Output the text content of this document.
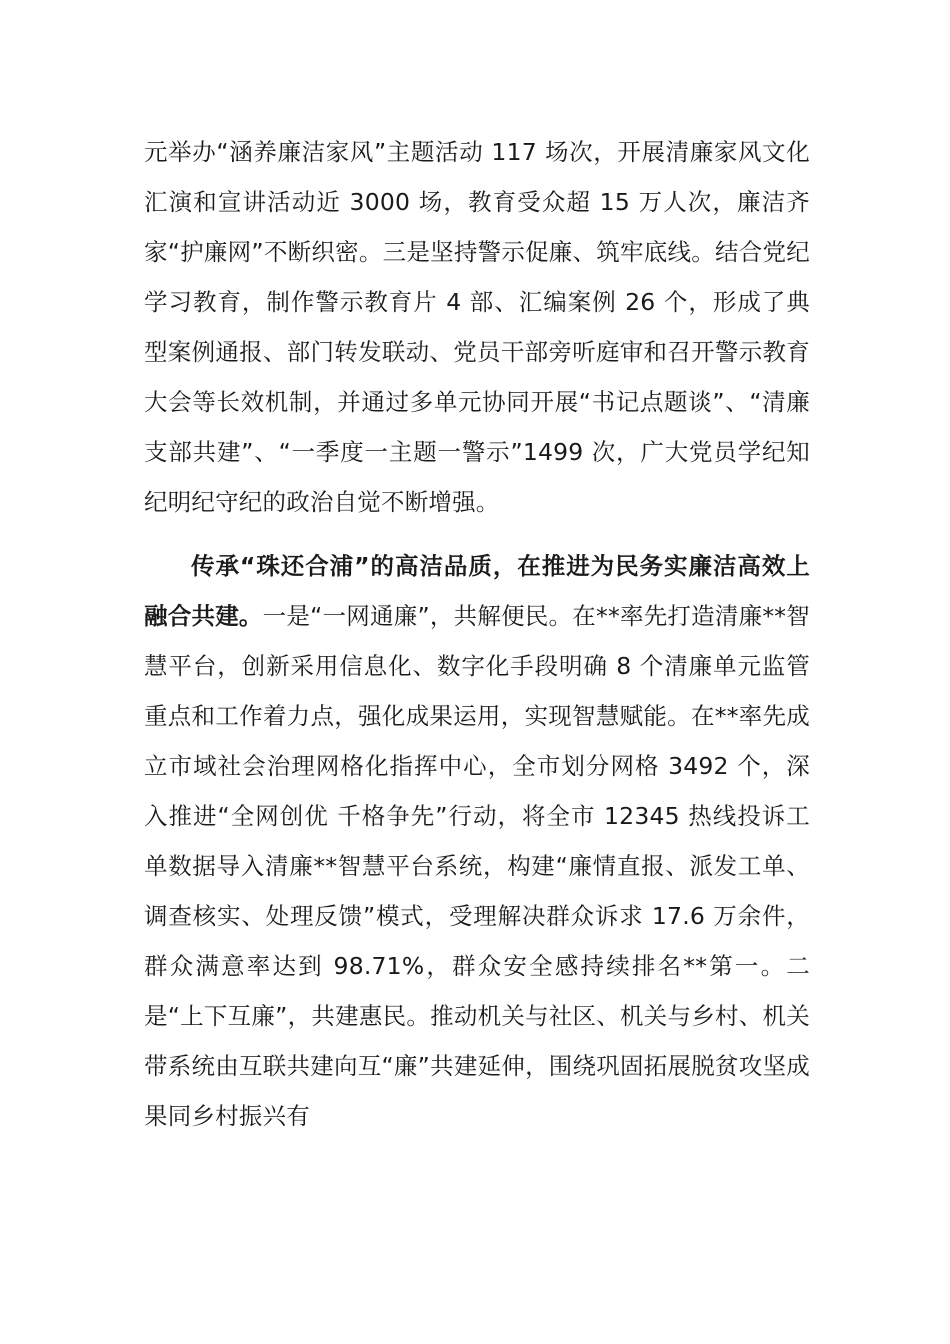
元举办“涵养廉洁家风”主题活动 117 场次，开展清廉家风文化汇演和宣讲活动近 3000 场，教育受众超 15 万人次，廉洁齐家“护廉网”不断织密。三是坚持警示促廉、筑牢底线。结合党纪学习教育，制作警示教育片 4 部、汇编案例 26 个，形成了典型案例通报、部门转发联动、党员干部旁听庭审和召开警示教育大会等长效机制，并通过多单元协同开展“书记点题谈”、“清廉支部共建”、“一季度一主题一警示”1499 次，广大党员学纪知纪明纪守纪的政治自觉不断增强。

传承“珠还合浦”的高洁品质，在推进为民务实廉洁高效上融合共建。一是“一网通廉”，共解便民。在**率先打造清廉**智慧平台，创新采用信息化、数字化手段明确 8 个清廉单元监管重点和工作着力点，强化成果运用，实现智慧赋能。在**率先成立市域社会治理网格化指挥中心，全市划分网格 3492 个，深入推进“全网创优 千格争先”行动，将全市 12345 热线投诉工单数据导入清廉**智慧平台系统，构建“廉情直报、派发工单、调查核实、处理反馈”模式，受理解决群众诉求 17.6 万余件，群众满意率达到 98.71%，群众安全感持续排名**第一。二是“上下互廉”，共建惠民。推动机关与社区、机关与乡村、机关带系统由互联共建向互“廉”共建延伸，围绕巩固拓展脱贫攻坚成果同乡村振兴有
